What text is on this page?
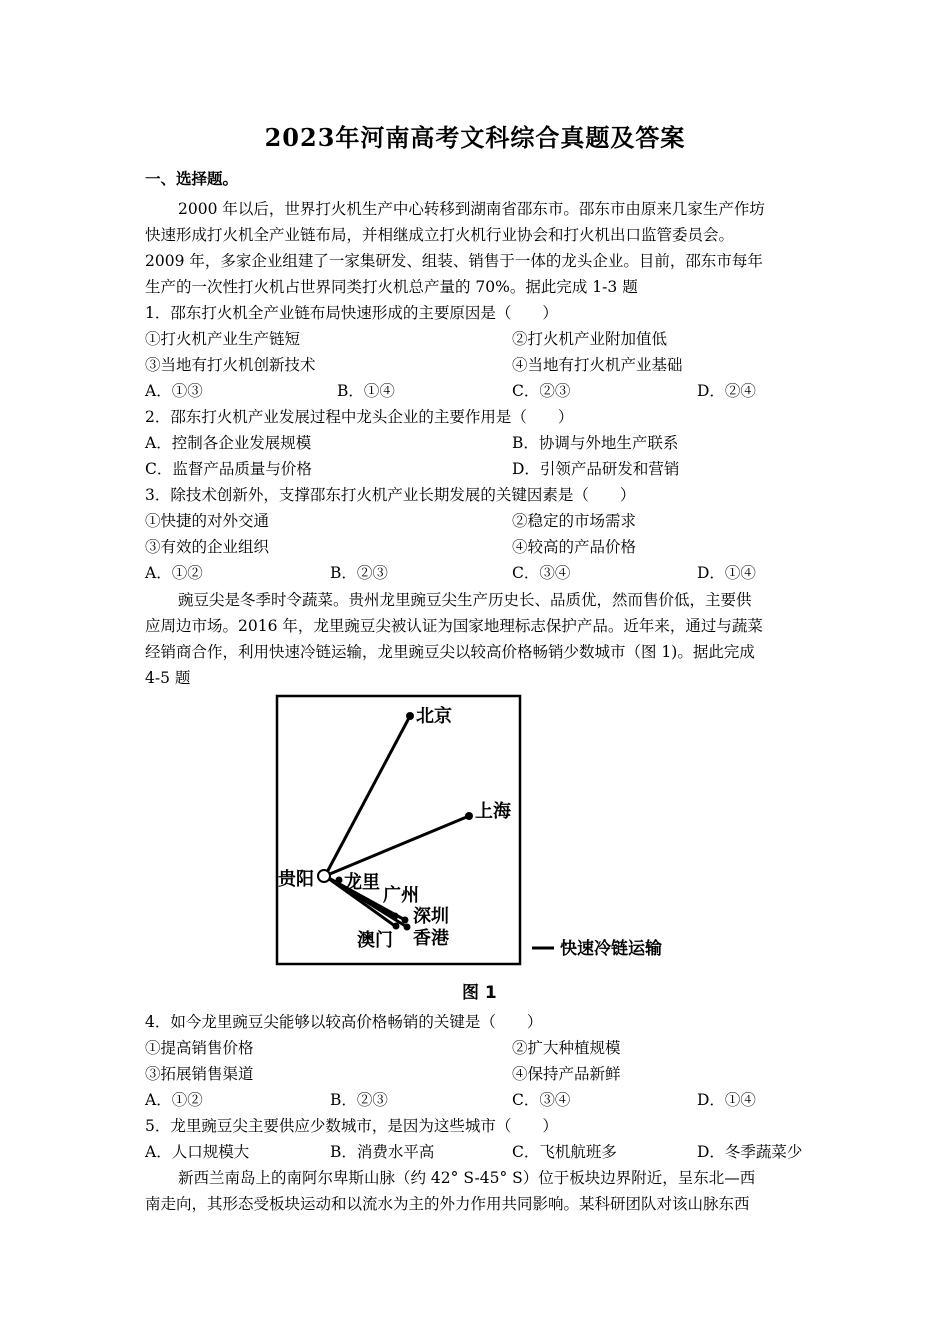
2023年河南高考文科综合真题及答案
一、选择题。
2000 年以后，世界打火机生产中心转移到湖南省邵东市。邵东市由原来几家生产作坊
快速形成打火机全产业链布局，并相继成立打火机行业协会和打火机出口监管委员会。
2009 年，多家企业组建了一家集研发、组装、销售于一体的龙头企业。目前，邵东市每年
生产的一次性打火机占世界同类打火机总产量的 70%。据此完成 1-3 题
1．邵东打火机全产业链布局快速形成的主要原因是（　　）
①打火机产业生产链短	②打火机产业附加值低
③当地有打火机创新技术	④当地有打火机产业基础
A．①③	B．①④	C．②③	D．②④
2．邵东打火机产业发展过程中龙头企业的主要作用是（　　）
A．控制各企业发展规模	B．协调与外地生产联系
C．监督产品质量与价格	D．引领产品研发和营销
3．除技术创新外，支撑邵东打火机产业长期发展的关键因素是（　　）
①快捷的对外交通	②稳定的市场需求
③有效的企业组织	④较高的产品价格
A．①②	B．②③	C．③④	D．①④
豌豆尖是冬季时令蔬菜。贵州龙里豌豆尖生产历史长、品质优，然而售价低，主要供
应周边市场。2016 年，龙里豌豆尖被认证为国家地理标志保护产品。近年来，通过与蔬菜
经销商合作，利用快速冷链运输，龙里豌豆尖以较高价格畅销少数城市（图 1)。据此完成
4-5 题
北京
上海
贵阳 龙里
广州
深圳
澳门 香港	快速冷链运输
图 1
4．如今龙里豌豆尖能够以较高价格畅销的关键是（　　）
①提高销售价格	②扩大种植规模
③拓展销售渠道	④保持产品新鲜
A．①②	B．②③	C．③④	D．①④
5．龙里豌豆尖主要供应少数城市，是因为这些城市（　　）
A．人口规模大	B．消费水平高	C．飞机航班多	D．冬季蔬菜少
新西兰南岛上的南阿尔卑斯山脉（约 42° S-45° S）位于板块边界附近，呈东北—西
南走向，其形态受板块运动和以流水为主的外力作用共同影响。某科研团队对该山脉东西
